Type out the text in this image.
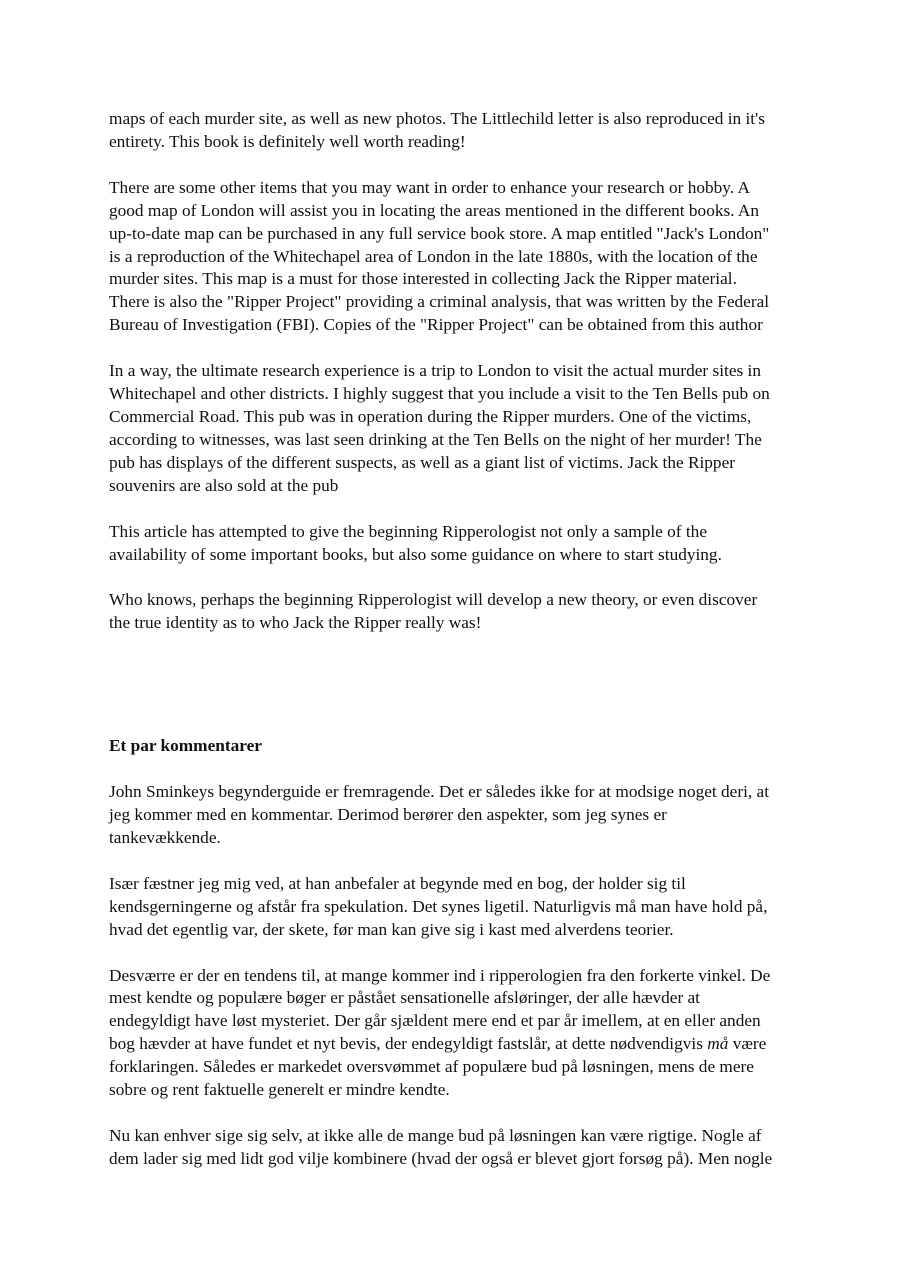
maps of each murder site, as well as new photos. The Littlechild letter is also reproduced in it's
entirety. This book is definitely well worth reading!
There are some other items that you may want in order to enhance your research or hobby. A
good map of London will assist you in locating the areas mentioned in the different books. An
up-to-date map can be purchased in any full service book store. A map entitled "Jack's London"
is a reproduction of the Whitechapel area of London in the late 1880s, with the location of the
murder sites. This map is a must for those interested in collecting Jack the Ripper material.
There is also the "Ripper Project" providing a criminal analysis, that was written by the Federal
Bureau of Investigation (FBI). Copies of the "Ripper Project" can be obtained from this author
In a way, the ultimate research experience is a trip to London to visit the actual murder sites in
Whitechapel and other districts. I highly suggest that you include a visit to the Ten Bells pub on
Commercial Road. This pub was in operation during the Ripper murders. One of the victims,
according to witnesses, was last seen drinking at the Ten Bells on the night of her murder! The
pub has displays of the different suspects, as well as a giant list of victims. Jack the Ripper
souvenirs are also sold at the pub
This article has attempted to give the beginning Ripperologist not only a sample of the
availability of some important books, but also some guidance on where to start studying.
Who knows, perhaps the beginning Ripperologist will develop a new theory, or even discover
the true identity as to who Jack the Ripper really was!
Et par kommentarer
John Sminkeys begynderguide er fremragende. Det er således ikke for at modsige noget deri, at
jeg kommer med en kommentar. Derimod berører den aspekter, som jeg synes er
tankevækkende.
Især fæstner jeg mig ved, at han anbefaler at begynde med en bog, der holder sig til
kendsgerningerne og afstår fra spekulation. Det synes ligetil. Naturligvis må man have hold på,
hvad det egentlig var, der skete, før man kan give sig i kast med alverdens teorier.
Desværre er der en tendens til, at mange kommer ind i ripperologien fra den forkerte vinkel. De
mest kendte og populære bøger er påstået sensationelle afsløringer, der alle hævder at
endegyldigt have løst mysteriet. Der går sjældent mere end et par år imellem, at en eller anden
bog hævder at have fundet et nyt bevis, der endegyldigt fastslår, at dette nødvendigvis må være
forklaringen. Således er markedet oversvømmet af populære bud på løsningen, mens de mere
sobre og rent faktuelle generelt er mindre kendte.
Nu kan enhver sige sig selv, at ikke alle de mange bud på løsningen kan være rigtige. Nogle af
dem lader sig med lidt god vilje kombinere (hvad der også er blevet gjort forsøg på). Men nogle
